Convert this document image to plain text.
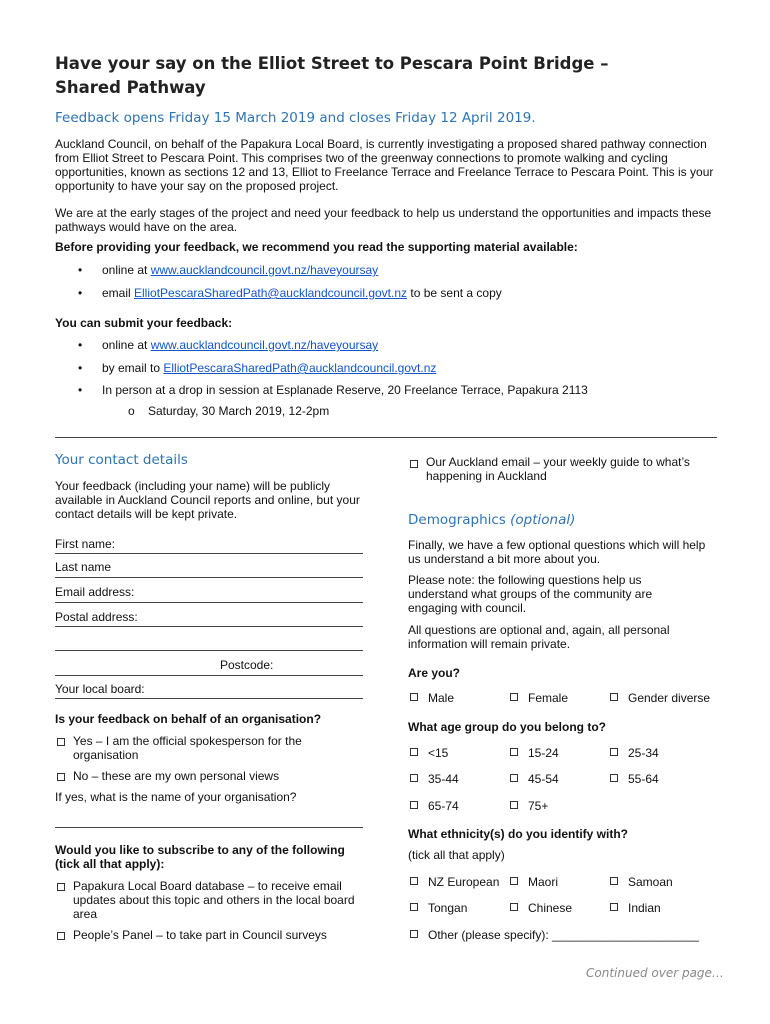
Have your say on the Elliot Street to Pescara Point Bridge – Shared Pathway
Feedback opens Friday 15 March 2019 and closes Friday 12 April 2019.
Auckland Council, on behalf of the Papakura Local Board, is currently investigating a proposed shared pathway connection from Elliot Street to Pescara Point. This comprises two of the greenway connections to promote walking and cycling opportunities, known as sections 12 and 13, Elliot to Freelance Terrace and Freelance Terrace to Pescara Point. This is your opportunity to have your say on the proposed project.
We are at the early stages of the project and need your feedback to help us understand the opportunities and impacts these pathways would have on the area.
Before providing your feedback, we recommend you read the supporting material available:
• online at www.aucklandcouncil.govt.nz/haveyoursay
• email ElliotPescaraSharedPath@aucklandcouncil.govt.nz to be sent a copy
You can submit your feedback:
• online at www.aucklandcouncil.govt.nz/haveyoursay
• by email to ElliotPescaraSharedPath@aucklandcouncil.govt.nz
• In person at a drop in session at Esplanade Reserve, 20 Freelance Terrace, Papakura 2113
o Saturday, 30 March 2019, 12-2pm
Your contact details
Your feedback (including your name) will be publicly available in Auckland Council reports and online, but your contact details will be kept private.
First name:
Last name
Email address:
Postal address:
Postcode:
Your local board:
Is your feedback on behalf of an organisation?
Yes – I am the official spokesperson for the organisation
No – these are my own personal views
If yes, what is the name of your organisation?
Would you like to subscribe to any of the following (tick all that apply):
Papakura Local Board database – to receive email updates about this topic and others in the local board area
People’s Panel – to take part in Council surveys
Our Auckland email – your weekly guide to what’s happening in Auckland
Demographics (optional)
Finally, we have a few optional questions which will help us understand a bit more about you.
Please note: the following questions help us understand what groups of the community are engaging with council.
All questions are optional and, again, all personal information will remain private.
Are you?
Male	Female	Gender diverse
What age group do you belong to?
<15	15-24	25-34
35-44	45-54	55-64
65-74	75+
What ethnicity(s) do you identify with?
(tick all that apply)
NZ European	Maori	Samoan
Tongan	Chinese	Indian
Other (please specify): ______________________
Continued over page…
